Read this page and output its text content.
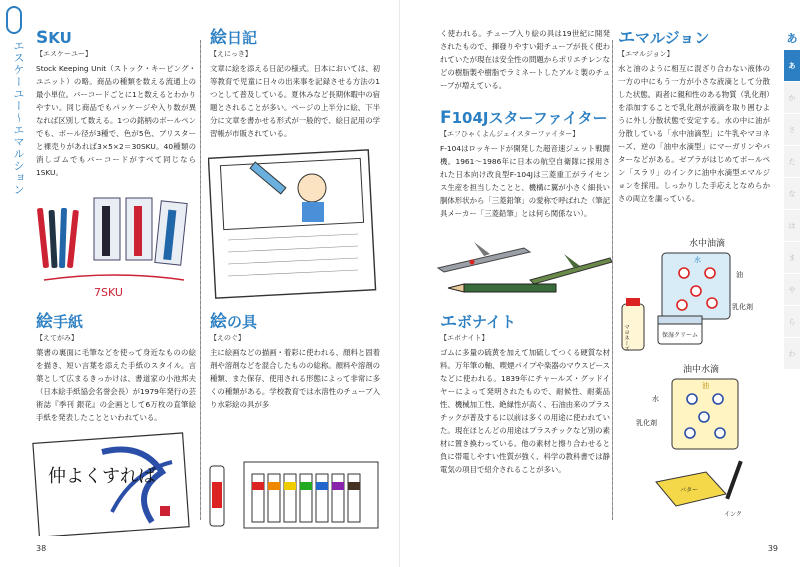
エスケーユー〜エマルション
SKU
【エスケーユー】
Stock Keeping Unit（ストック・キーピング・ユニット）の略。商品の種類を数える流通上の最小単位。バーコードごとに1と数えるとわかりやすい。同じ商品でもパッケージや入り数が異なれば区別して数える。1つの銘柄のボールペンでも、ボール径が3種で、色が5色、ブリスターと裸売りがあれば3×5×2＝30SKU。40種類の消しゴムでもバーコードがすべて同じなら1SKU。
7SKU
絵手紙
【えてがみ】
葉書の裏面に毛筆などを使って身近なものの絵を描き、短い言葉を添えた手紙のスタイル。言葉として広まるきっかけは、書道家の小池邦夫（日本絵手紙協会名誉会長）が1979年発行の芸術誌『季刊 銀花』の企画として6万枚の直筆絵手紙を発表したことといわれている。
仲よくすれば
絵日記
【えにっき】
文章に絵を添える日記の様式。日本においては、初等教育で児童に日々の出来事を記録させる方法の1つとして普及している。夏休みなど長期休暇中の宿題とされることが多い。ページの上半分に絵、下半分に文章を書かせる形式が一般的で、絵日記用の学習帳が市販されている。
絵の具
【えのぐ】
主に絵画などの描画・着彩に使われる、顔料と固着剤や溶剤などを混合したものの総称。顔料や溶剤の種類、また保存、使用される形態によって非常に多くの種類がある。学校教育では水溶性のチューブ入り水彩絵の具が多
38
く使われる。チューブ入り絵の具は19世紀に開発されたもので、揮發りやすい鉛チューブが長く使われていたが現在は安全性の問題からポリエチレンなどの樹脂製や樹脂でラミネートしたアルミ製のチューブが増えている。
F104Jスターファイター
【エフひゃくよんジェイスターファイター】
F-104はロッキードが開発した超音速ジェット戦闘機。1961〜1986年に日本の航空自衛隊に採用された日本向け改良型F-104Jは三菱重工がライセンス生産を担当したことと、機構に翼が小さく細長い胴体形状から「三菱鉛筆」の愛称で呼ばれた（筆記具メーカー「三菱鉛筆」とは何ら関係ない）。
エボナイト
【エボナイト】
ゴムに多量の硫黄を加えて加硫してつくる硬質な材料。万年筆の軸、喫煙パイプや楽器のマウスピースなどに使われる。1839年にチャールズ・グッドイヤーによって発明されたもので、耐候性、耐薬品性、機械加工性、絶縁性が高く、石油由来のプラスチックが普及するに以前は多くの用途に使われていた。現在ほとんどの用途はプラスチックなど別の素材に置き換わっている。他の素材と擦り合わせると負に帯電しやすい性質が強く、科学の教科書では静電気の項目で紹介されることが多い。
エマルジョン
【エマルジョン】
水と油のように相互に混ざり合わない液体の一方の中にもう一方が小さな液滴として分散した状態。両者に親和性のある物質（乳化剤）を添加することで乳化剤が液滴を取り囲むように外し分散状態で安定する。水の中に油が分散している「水中油滴型」に牛乳やマヨネーズ、逆の「油中水滴型」にマーガリンやバターなどがある。ゼブラがはじめてボールペン「スラリ」のインクに油中水滴型エマルジョンを採用。しっかりした手応えとなめらかさの両立を謳っている。
水中油滴
水
油
乳化剤
マヨネーズ	保湿クリーム
油中水滴
油
水
乳化剤
バター
インク
あ
あ
か
さ
た
な
は
ま
や
ら
わ
39
